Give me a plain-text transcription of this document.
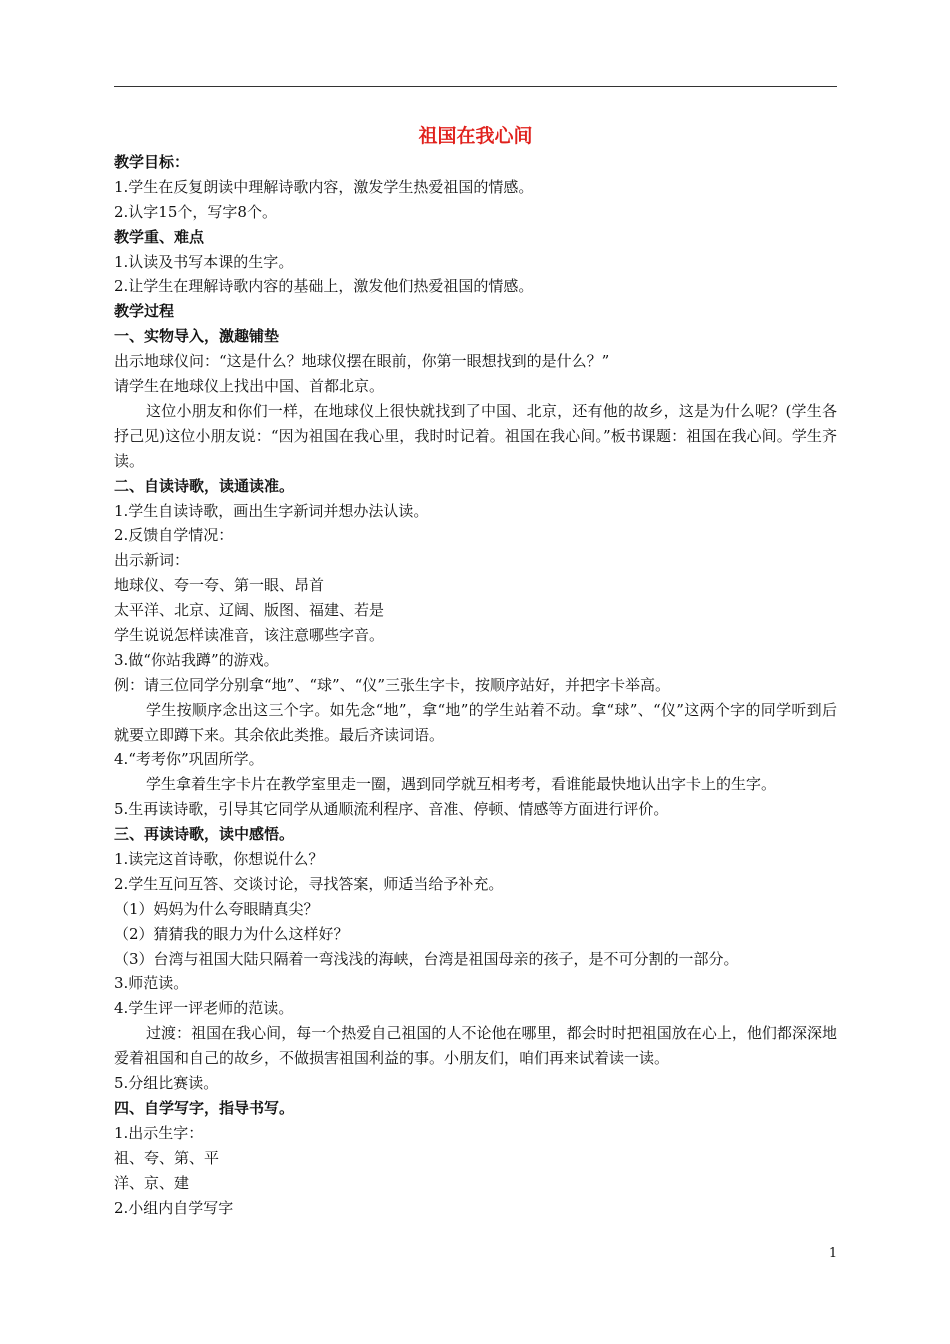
祖国在我心间
教学目标：
1.学生在反复朗读中理解诗歌内容，激发学生热爱祖国的情感。
2.认字15个，写字8个。
教学重、难点
1.认读及书写本课的生字。
2.让学生在理解诗歌内容的基础上，激发他们热爱祖国的情感。
教学过程
一、实物导入，激趣铺垫
出示地球仪问：“这是什么？地球仪摆在眼前，你第一眼想找到的是什么？”
请学生在地球仪上找出中国、首都北京。
这位小朋友和你们一样，在地球仪上很快就找到了中国、北京，还有他的故乡，这是为什么呢？(学生各抒己见)这位小朋友说：“因为祖国在我心里，我时时记着。祖国在我心间。”板书课题：祖国在我心间。学生齐读。
二、自读诗歌，读通读准。
1.学生自读诗歌，画出生字新词并想办法认读。
2.反馈自学情况：
出示新词：
地球仪、夸一夸、第一眼、昂首
太平洋、北京、辽阔、版图、福建、若是
学生说说怎样读准音，该注意哪些字音。
3.做“你站我蹲”的游戏。
例：请三位同学分别拿“地”、“球”、“仪”三张生字卡，按顺序站好，并把字卡举高。
学生按顺序念出这三个字。如先念“地”，拿“地”的学生站着不动。拿“球”、“仪”这两个字的同学听到后就要立即蹲下来。其余依此类推。最后齐读词语。
4.“考考你”巩固所学。
学生拿着生字卡片在教学室里走一圈，遇到同学就互相考考，看谁能最快地认出字卡上的生字。
5.生再读诗歌，引导其它同学从通顺流利程序、音准、停顿、情感等方面进行评价。
三、再读诗歌，读中感悟。
1.读完这首诗歌，你想说什么？
2.学生互问互答、交谈讨论，寻找答案，师适当给予补充。
（1）妈妈为什么夸眼睛真尖？
（2）猜猜我的眼力为什么这样好？
（3）台湾与祖国大陆只隔着一弯浅浅的海峡，台湾是祖国母亲的孩子，是不可分割的一部分。
3.师范读。
4.学生评一评老师的范读。
过渡：祖国在我心间，每一个热爱自己祖国的人不论他在哪里，都会时时把祖国放在心上，他们都深深地爱着祖国和自己的故乡，不做损害祖国利益的事。小朋友们，咱们再来试着读一读。
5.分组比赛读。
四、自学写字，指导书写。
1.出示生字：
祖、夸、第、平
洋、京、建
2.小组内自学写字
1
